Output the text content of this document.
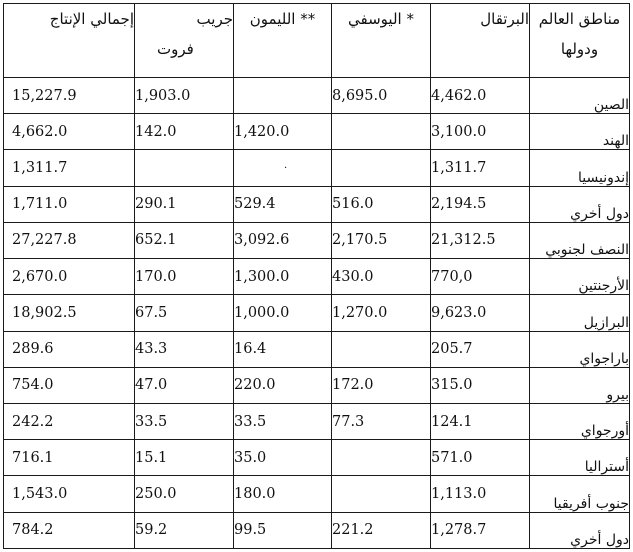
إجمالي الإنتاج	جريب
فروت	الليمون **	اليوسفي *	البرتقال	مناطق العالم
ودولها

15,227.9	1,903.0		8,695.0	4,462.0	الصين
4,662.0	142.0	1,420.0		3,100.0	الهند
1,311.7		·		1,311.7	إندونيسيا
1,711.0	290.1	529.4	516.0	2,194.5	دول أخري
27,227.8	652.1	3,092.6	2,170.5	21,312.5	النصف لجنوبي
2,670.0	170.0	1,300.0	430.0	770,0	الأرجنتين
18,902.5	67.5	1,000.0	1,270.0	9,623.0	البرازيل
289.6	43.3	16.4		205.7	باراجواي
754.0	47.0	220.0	172.0	315.0	بيرو
242.2	33.5	33.5	77.3	124.1	أورجواي
716.1	15.1	35.0		571.0	أستراليا
1,543.0	250.0	180.0		1,113.0	جنوب أفريقيا
784.2	59.2	99.5	221.2	1,278.7	دول أخري
